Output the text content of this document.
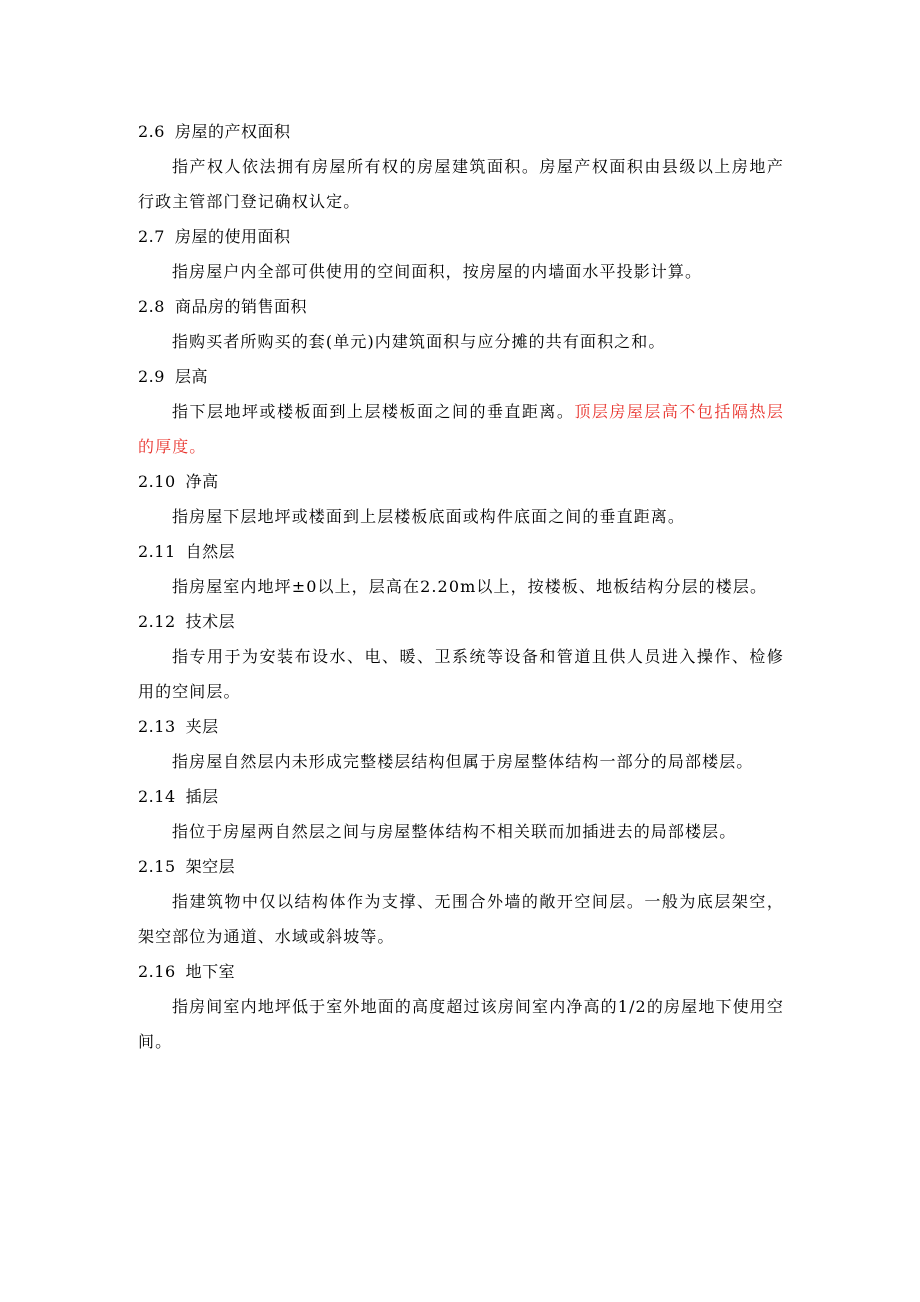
2.6 房屋的产权面积

指产权人依法拥有房屋所有权的房屋建筑面积。房屋产权面积由县级以上房地产行政主管部门登记确权认定。

2.7 房屋的使用面积

指房屋户内全部可供使用的空间面积，按房屋的内墙面水平投影计算。

2.8 商品房的销售面积

指购买者所购买的套(单元)内建筑面积与应分摊的共有面积之和。

2.9 层高

指下层地坪或楼板面到上层楼板面之间的垂直距离。顶层房屋层高不包括隔热层的厚度。

2.10 净高

指房屋下层地坪或楼面到上层楼板底面或构件底面之间的垂直距离。

2.11 自然层

指房屋室内地坪±0以上，层高在2.20m以上，按楼板、地板结构分层的楼层。

2.12 技术层

指专用于为安装布设水、电、暖、卫系统等设备和管道且供人员进入操作、检修用的空间层。

2.13 夹层

指房屋自然层内未形成完整楼层结构但属于房屋整体结构一部分的局部楼层。

2.14 插层

指位于房屋两自然层之间与房屋整体结构不相关联而加插进去的局部楼层。

2.15 架空层

指建筑物中仅以结构体作为支撑、无围合外墙的敞开空间层。一般为底层架空，架空部位为通道、水域或斜坡等。

2.16 地下室

指房间室内地坪低于室外地面的高度超过该房间室内净高的1/2的房屋地下使用空间。
